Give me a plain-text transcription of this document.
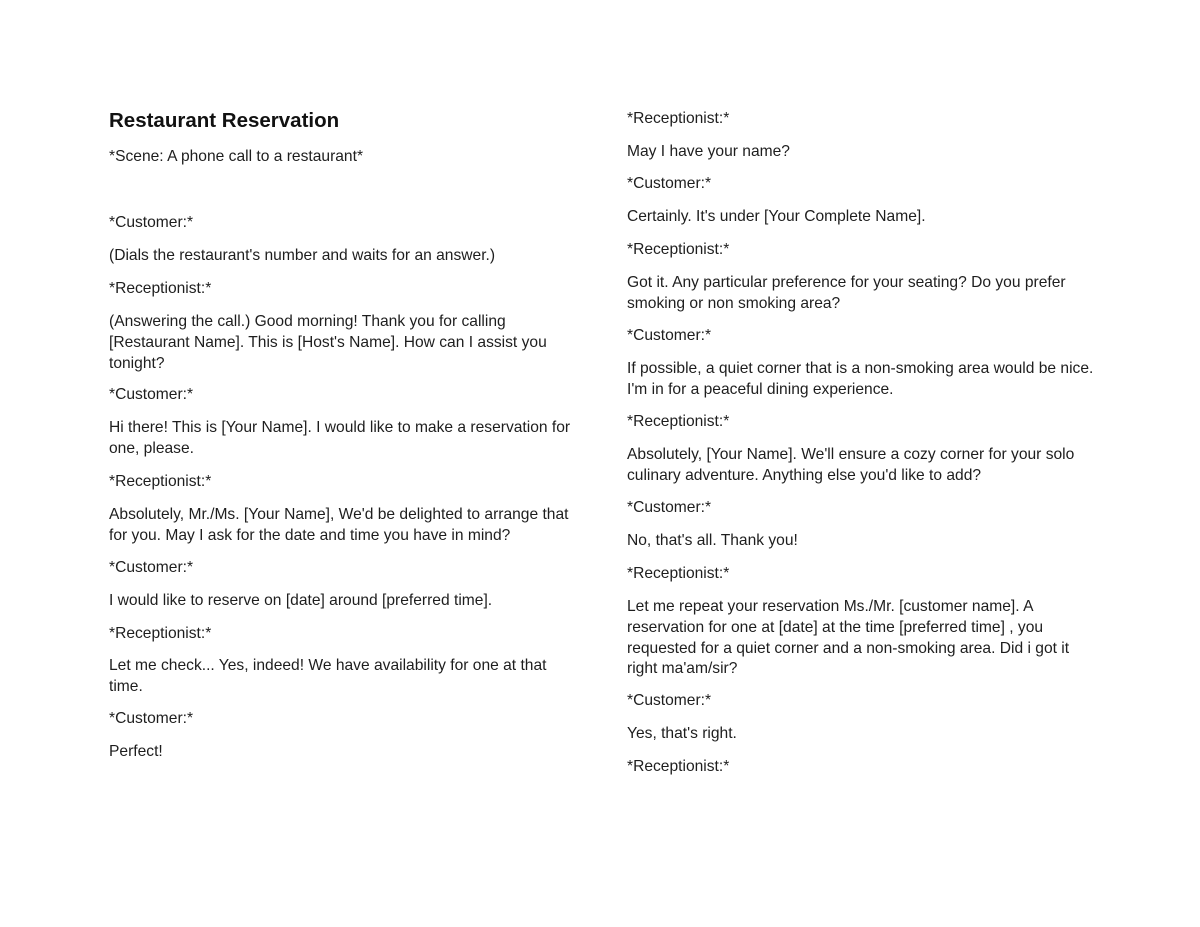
Restaurant Reservation

*Scene: A phone call to a restaurant*

*Customer:*

(Dials the restaurant's number and waits for an answer.)

*Receptionist:*

(Answering the call.) Good morning! Thank you for calling [Restaurant Name]. This is [Host's Name]. How can I assist you tonight?

*Customer:*

Hi there! This is [Your Name]. I would like to make a reservation for one, please.

*Receptionist:*

Absolutely, Mr./Ms. [Your Name], We'd be delighted to arrange that for you. May I ask for the date and time you have in mind?

*Customer:*

I would like to reserve on [date] around [preferred time].

*Receptionist:*

Let me check... Yes, indeed! We have availability for one at that time.

*Customer:*

Perfect!

*Receptionist:*

May I have your name?

*Customer:*

Certainly. It's under [Your Complete Name].

*Receptionist:*

Got it. Any particular preference for your seating? Do you prefer smoking or non smoking area?

*Customer:*

If possible, a quiet corner that is a non-smoking area would be nice. I'm in for a peaceful dining experience.

*Receptionist:*

Absolutely, [Your Name]. We'll ensure a cozy corner for your solo culinary adventure. Anything else you'd like to add?

*Customer:*

No, that's all. Thank you!

*Receptionist:*

Let me repeat your reservation Ms./Mr. [customer name]. A reservation for one at [date] at the time [preferred time] , you requested for a quiet corner and a non-smoking area. Did i got it right ma'am/sir?

*Customer:*

Yes, that's right.

*Receptionist:*
